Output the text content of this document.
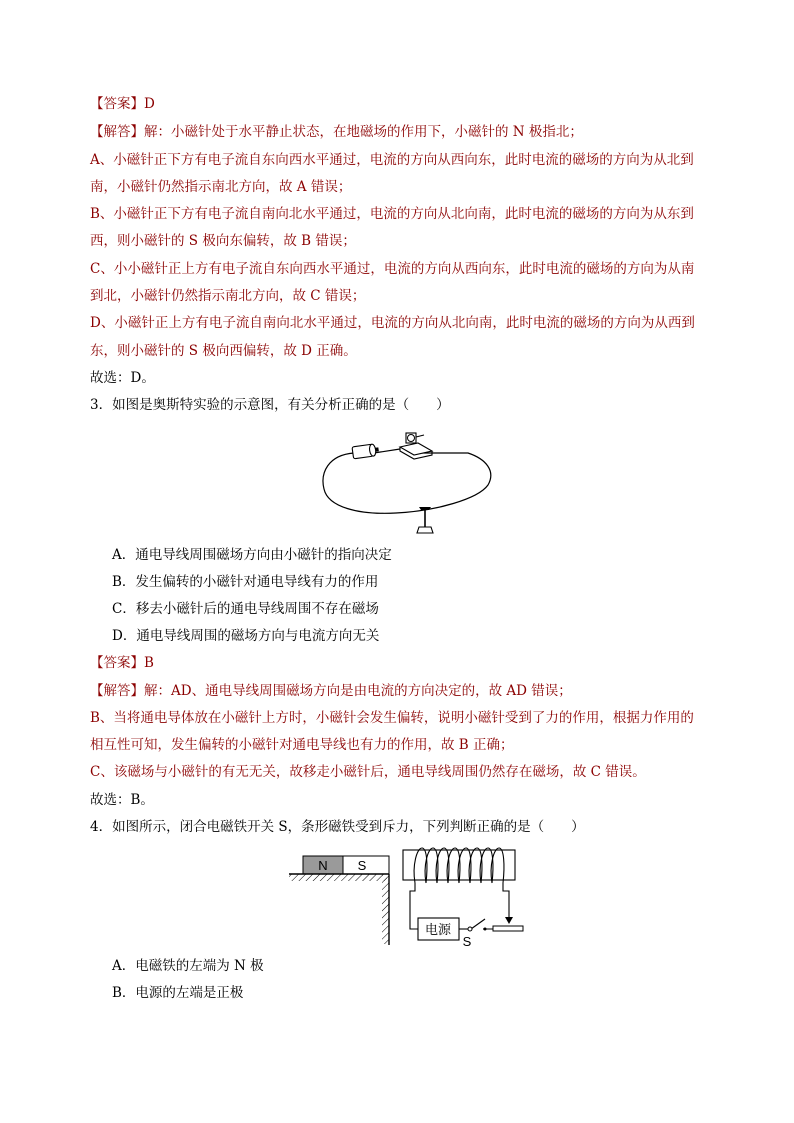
【答案】D
【解答】解：小磁针处于水平静止状态，在地磁场的作用下，小磁针的 N 极指北；
A、小磁针正下方有电子流自东向西水平通过，电流的方向从西向东，此时电流的磁场的方向为从北到
南，小磁针仍然指示南北方向，故 A 错误；
B、小磁针正下方有电子流自南向北水平通过，电流的方向从北向南，此时电流的磁场的方向为从东到
西，则小磁针的 S 极向东偏转，故 B 错误；
C、小小磁针正上方有电子流自东向西水平通过，电流的方向从西向东，此时电流的磁场的方向为从南
到北，小磁针仍然指示南北方向，故 C 错误；
D、小磁针正上方有电子流自南向北水平通过，电流的方向从北向南，此时电流的磁场的方向为从西到
东，则小磁针的 S 极向西偏转，故 D 正确。
故选：D。
3．如图是奥斯特实验的示意图，有关分析正确的是（　　）
A．通电导线周围磁场方向由小磁针的指向决定
B．发生偏转的小磁针对通电导线有力的作用
C．移去小磁针后的通电导线周围不存在磁场
D．通电导线周围的磁场方向与电流方向无关
【答案】B
【解答】解：AD、通电导线周围磁场方向是由电流的方向决定的，故 AD 错误；
B、当将通电导体放在小磁针上方时，小磁针会发生偏转，说明小磁针受到了力的作用，根据力作用的
相互性可知，发生偏转的小磁针对通电导线也有力的作用，故 B 正确；
C、该磁场与小磁针的有无无关，故移走小磁针后，通电导线周围仍然存在磁场，故 C 错误。
故选：B。
4．如图所示，闭合电磁铁开关 S，条形磁铁受到斥力，下列判断正确的是（　　）
N S
电源
S
A．电磁铁的左端为 N 极
B．电源的左端是正极
